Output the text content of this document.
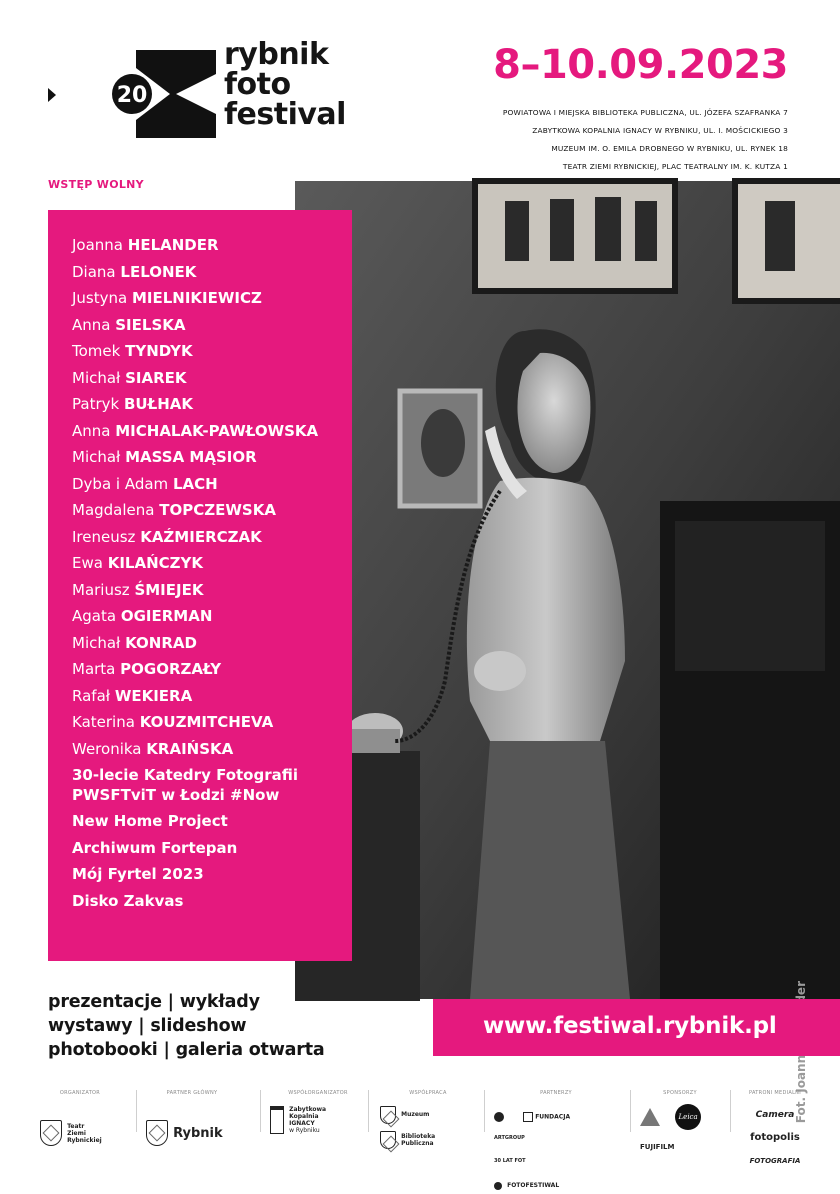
20
rybnik
foto
festival
8–10.09.2023
POWIATOWA I MIEJSKA BIBLIOTEKA PUBLICZNA, UL. JÓZEFA SZAFRANKA 7
ZABYTKOWA KOPALNIA IGNACY W RYBNIKU, UL. I. MOŚCICKIEGO 3
MUZEUM IM. O. EMILA DROBNEGO W RYBNIKU, UL. RYNEK 18
TEATR ZIEMI RYBNICKIEJ, PLAC TEATRALNY IM. K. KUTZA 1
WSTĘP WOLNY
Joanna HELANDER
Diana LELONEK
Justyna MIELNIKIEWICZ
Anna SIELSKA
Tomek TYNDYK
Michał SIAREK
Patryk BUŁHAK
Anna MICHALAK-PAWŁOWSKA
Michał MASSA MĄSIOR
Dyba i Adam LACH
Magdalena TOPCZEWSKA
Ireneusz KAŹMIERCZAK
Ewa KILAŃCZYK
Mariusz ŚMIEJEK
Agata OGIERMAN
Michał KONRAD
Marta POGORZAŁY
Rafał WEKIERA
Katerina KOUZMITCHEVA
Weronika KRAIŃSKA
30-lecie Katedry Fotografii
PWSFTviT w Łodzi #Now
New Home Project
Archiwum Fortepan
Mój Fyrtel 2023
Disko Zakvas
prezentacje | wykłady
wystawy | slideshow
photobooki | galeria otwarta
www.festiwal.rybnik.pl
ORGANIZATOR

Teatr
Ziemi
Rybnickiej
PARTNER GŁÓWNY
Rybnik
WSPÓŁORGANIZATOR

Zabytkowa
Kopalnia
IGNACY
w Rybniku
WSPÓŁPRACA
Muzeum

Biblioteka
Publiczna
PARTNERZY
FUNDACJA
ARTGROUP
30 LAT FOT
FOTOFESTIWAL
SPONSORZY
Leica
FUJIFILM
PATRONI MEDIALNI
Camera
fotopolis
FOTOGRAFIA
